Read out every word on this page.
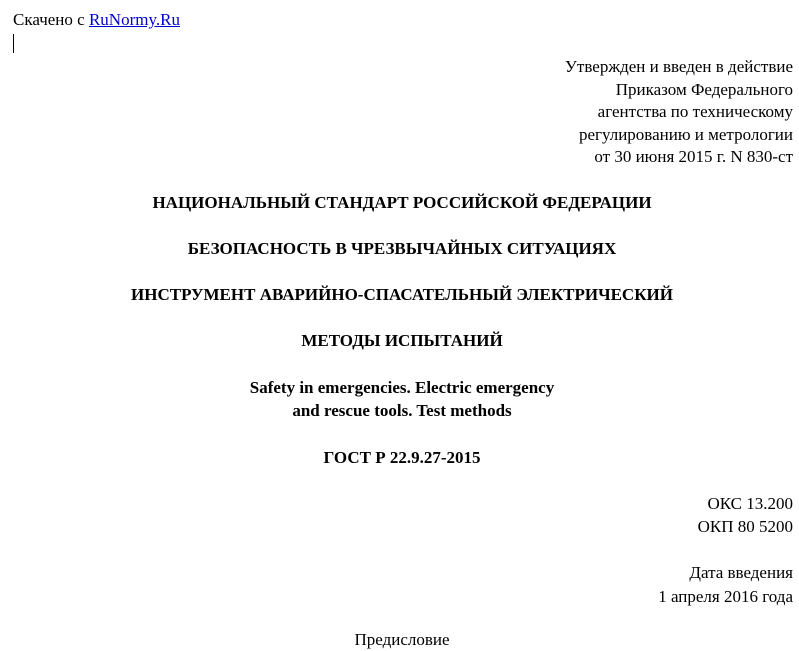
Скачено с RuNormy.Ru
Утвержден и введен в действие
Приказом Федерального
агентства по техническому
регулированию и метрологии
от 30 июня 2015 г. N 830-ст
НАЦИОНАЛЬНЫЙ СТАНДАРТ РОССИЙСКОЙ ФЕДЕРАЦИИ
БЕЗОПАСНОСТЬ В ЧРЕЗВЫЧАЙНЫХ СИТУАЦИЯХ
ИНСТРУМЕНТ АВАРИЙНО-СПАСАТЕЛЬНЫЙ ЭЛЕКТРИЧЕСКИЙ
МЕТОДЫ ИСПЫТАНИЙ
Safety in emergencies. Electric emergency
and rescue tools. Test methods
ГОСТ Р 22.9.27-2015
ОКС 13.200
ОКП 80 5200
Дата введения
1 апреля 2016 года
Предисловие
